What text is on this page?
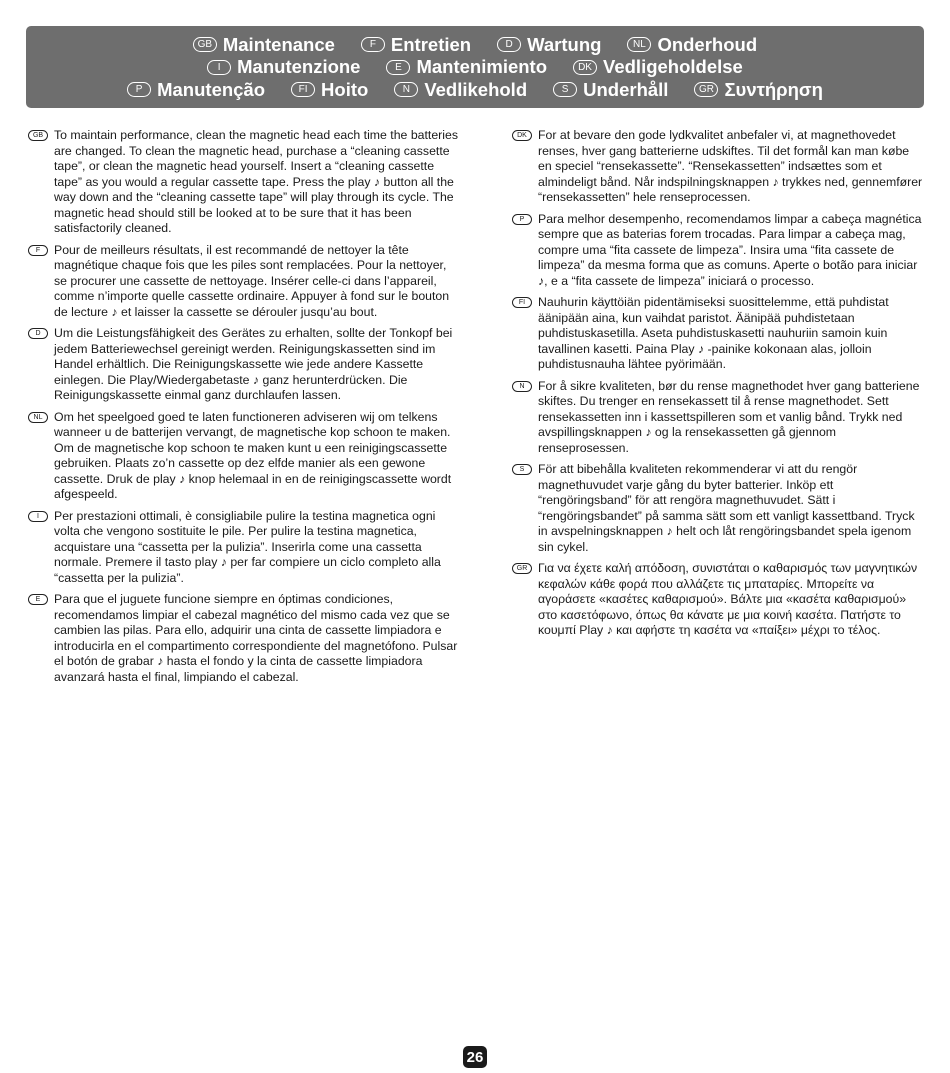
GB Maintenance	F Entretien	D Wartung	NL Onderhoud
I Manutenzione	E Mantenimiento	DK Vedligeholdelse
P Manutenção	FI Hoito	N Vedlikehold	S Underhåll	GR Συντήρηση
GB To maintain performance, clean the magnetic head each time the batteries are changed. To clean the magnetic head, purchase a “cleaning cassette tape”, or clean the magnetic head yourself. Insert a “cleaning cassette tape” as you would a regular cassette tape. Press the play ♪ button all the way down and the “cleaning cassette tape” will play through its cycle. The magnetic head should still be looked at to be sure that it has been satisfactorily cleaned.
F	Pour de meilleurs résultats, il est recommandé de nettoyer la tête magnétique chaque fois que les piles sont remplacées. Pour la nettoyer, se procurer une cassette de nettoyage. Insérer celle-ci dans l’appareil, comme n’importe quelle cassette ordinaire. Appuyer à fond sur le bouton de lecture ♪ et laisser la cassette se dérouler jusqu’au bout.
D	Um die Leistungsfähigkeit des Gerätes zu erhalten, sollte der Tonkopf bei jedem Batteriewechsel gereinigt werden. Reinigungskassetten sind im Handel erhältlich. Die Reinigungskassette wie jede andere Kassette einlegen. Die Play/Wiedergabetaste ♪ ganz herunterdrücken. Die Reinigungskassette einmal ganz durchlaufen lassen.
NL Om het speelgoed goed te laten functioneren adviseren wij om telkens wanneer u de batterijen vervangt, de magnetische kop schoon te maken. Om de magnetische kop schoon te maken kunt u een reinigingscassette gebruiken. Plaats zo’n cassette op dez elfde manier als een gewone cassette. Druk de play ♪ knop helemaal in en de reinigingscassette wordt afgespeeld.
I	Per prestazioni ottimali, è consigliabile pulire la testina magnetica ogni volta che vengono sostituite le pile. Per pulire la testina magnetica, acquistare una “cassetta per la pulizia”. Inserirla come una cassetta normale. Premere il tasto play ♪ per far compiere un ciclo completo alla “cassetta per la pulizia”.
E	Para que el juguete funcione siempre en óptimas condiciones, recomendamos limpiar el cabezal magnético del mismo cada vez que se cambien las pilas. Para ello, adquirir una cinta de cassette limpiadora e introducirla en el compartimento correspondiente del magnetófono. Pulsar el botón de grabar ♪ hasta el fondo y la cinta de cassette limpiadora avanzará hasta el final, limpiando el cabezal.
DK For at bevare den gode lydkvalitet anbefaler vi, at magnethovedet renses, hver gang batterierne udskiftes. Til det formål kan man købe en speciel “rensekassette”. “Rensekassetten” indsættes som et almindeligt bånd. Når indspilningsknappen ♪ trykkes ned, gennemfører “rensekassetten” hele renseprocessen.
P	Para melhor desempenho, recomendamos limpar a cabeça magnética sempre que as baterias forem trocadas. Para limpar a cabeça mag, compre uma “fita cassete de limpeza”. Insira uma “fita cassete de limpeza” da mesma forma que as comuns. Aperte o botão para iniciar ♪, e a “fita cassete de limpeza” iniciará o processo.
FI	Nauhurin käyttöiän pidentämiseksi suosittelemme, että puhdistat äänipään aina, kun vaihdat paristot. Äänipää puhdistetaan puhdistuskasetilla. Aseta puhdistuskasetti nauhuriin samoin kuin tavallinen kasetti. Paina Play ♪ -painike kokonaan alas, jolloin puhdistusnauha lähtee pyörimään.
N	For å sikre kvaliteten, bør du rense magnethodet hver gang batteriene skiftes. Du trenger en rensekassett til å rense magnethodet. Sett rensekassetten inn i kassettspilleren som et vanlig bånd. Trykk ned avspillingsknappen ♪ og la rensekassetten gå gjennom renseprosessen.
S	För att bibehålla kvaliteten rekommenderar vi att du rengör magnethuvudet varje gång du byter batterier. Inköp ett “rengöringsband” för att rengöra magnethuvudet. Sätt i “rengöringsbandet” på samma sätt som ett vanligt kassettband. Tryck in avspelningsknappen ♪ helt och låt rengöringsbandet spela igenom sin cykel.
GR Για να έχετε καλή απόδοση, συνιστάται ο καθαρισμός των μαγνητικών κεφαλών κάθε φορά που αλλάζετε τις μπαταρίες. Μπορείτε να αγοράσετε «κασέτες καθαρισμού». Βάλτε μια «κασέτα καθαρισμού» στο κασετόφωνο, όπως θα κάνατε με μια κοινή κασέτα. Πατήστε το κουμπί Play ♪ και αφήστε τη κασέτα να «παίξει» μέχρι το τέλος.
26
